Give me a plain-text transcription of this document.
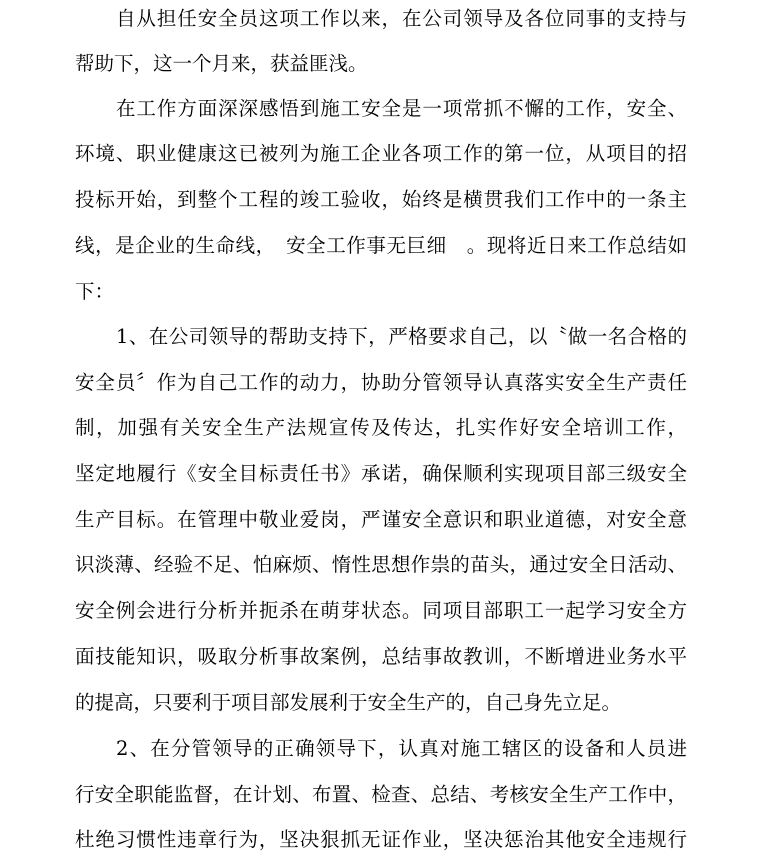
自从担任安全员这项工作以来，在公司领导及各位同事的支持与
帮助下，这一个月来，获益匪浅。
在工作方面深深感悟到施工安全是一项常抓不懈的工作，安全、
环境、职业健康这已被列为施工企业各项工作的第一位，从项目的招
投标开始，到整个工程的竣工验收，始终是横贯我们工作中的一条主
线，是企业的生命线，　安全工作事无巨细　。现将近日来工作总结如
下：
1、在公司领导的帮助支持下，严格要求自己，以〝做一名合格的
安全员〞作为自己工作的动力，协助分管领导认真落实安全生产责任
制，加强有关安全生产法规宣传及传达，扎实作好安全培训工作，
坚定地履行《安全目标责任书》承诺，确保顺利实现项目部三级安全
生产目标。在管理中敬业爱岗，严谨安全意识和职业道德，对安全意
识淡薄、经验不足、怕麻烦、惰性思想作祟的苗头，通过安全日活动、
安全例会进行分析并扼杀在萌芽状态。同项目部职工一起学习安全方
面技能知识，吸取分析事故案例，总结事故教训，不断增进业务水平
的提高，只要利于项目部发展利于安全生产的，自己身先立足。
2、在分管领导的正确领导下，认真对施工辖区的设备和人员进
行安全职能监督，在计划、布置、检查、总结、考核安全生产工作中，
杜绝习惯性违章行为，坚决狠抓无证作业，坚决惩治其他安全违规行
